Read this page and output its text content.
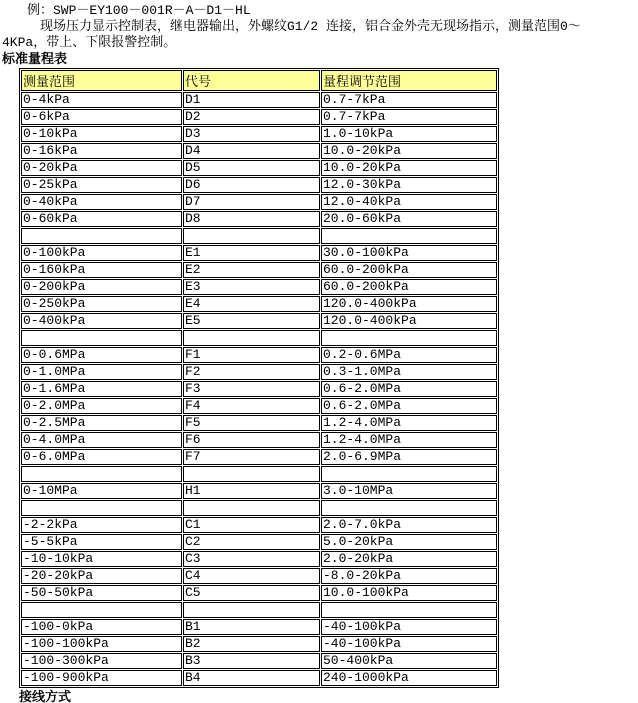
例：SWP－EY100－001R－A－D1－HL
现场压力显示控制表，继电器输出，外螺纹G1/2 连接，铝合金外壳无现场指示，测量范围0～
4KPa，带上、下限报警控制。
标准量程表
测量范围	代号	量程调节范围
0-4kPa	D1	0.7-7kPa
0-6kPa	D2	0.7-7kPa
0-10kPa	D3	1.0-10kPa
0-16kPa	D4	10.0-20kPa
0-20kPa	D5	10.0-20kPa
0-25kPa	D6	12.0-30kPa
0-40kPa	D7	12.0-40kPa
0-60kPa	D8	20.0-60kPa

0-100kPa	E1	30.0-100kPa
0-160kPa	E2	60.0-200kPa
0-200kPa	E3	60.0-200kPa
0-250kPa	E4	120.0-400kPa
0-400kPa	E5	120.0-400kPa

0-0.6MPa	F1	0.2-0.6MPa
0-1.0MPa	F2	0.3-1.0MPa
0-1.6MPa	F3	0.6-2.0MPa
0-2.0MPa	F4	0.6-2.0MPa
0-2.5MPa	F5	1.2-4.0MPa
0-4.0MPa	F6	1.2-4.0MPa
0-6.0MPa	F7	2.0-6.9MPa

0-10MPa	H1	3.0-10MPa

-2-2kPa	C1	2.0-7.0kPa
-5-5kPa	C2	5.0-20kPa
-10-10kPa	C3	2.0-20kPa
-20-20kPa	C4	-8.0-20kPa
-50-50kPa	C5	10.0-100kPa

-100-0kPa	B1	-40-100kPa
-100-100kPa	B2	-40-100kPa
-100-300kPa	B3	50-400kPa
-100-900kPa	B4	240-1000kPa
接线方式
